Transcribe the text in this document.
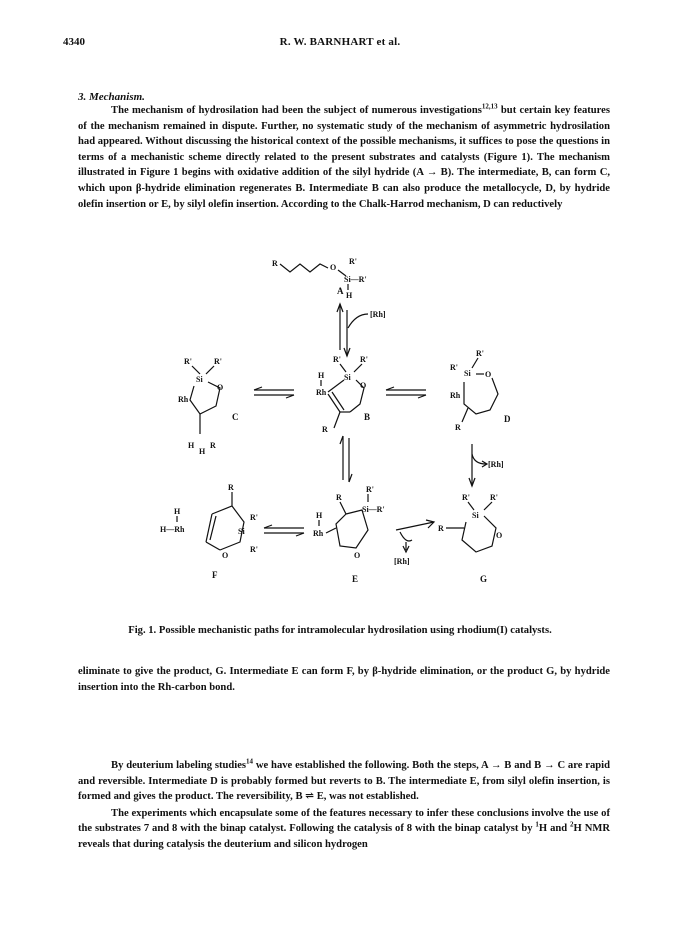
4340	R. W. BARNHART et al.
3. Mechanism.

The mechanism of hydrosilation had been the subject of numerous investigations$^{12,13}$ but certain key features of the mechanism remained in dispute. Further, no systematic study of the mechanism of asymmetric hydrosilation had appeared. Without discussing the historical context of the possible mechanisms, it suffices to pose the questions in terms of a mechanistic scheme directly related to the present substrates and catalysts (Figure 1). The mechanism illustrated in Figure 1 begins with oxidative addition of the silyl hydride (A → B). The intermediate, B, can form C, which upon β-hydride elimination regenerates B. Intermediate B can also produce the metallocycle, D, by hydride olefin insertion or E, by silyl olefin insertion. According to the Chalk-Harrod mechanism, D can reductively

R	O
R'
Si—R'
H
A
[Rh]
R'	R'
Si
O
Rh
H R
H
C
R' R'
Si
H
Rh
O
R
B
R'
R'
Si O
Rh
R
D
[Rh]
R
Si
R'
R'
O
H
H—Rh
F
R
R'
Si—R'
O
H
Rh
E
[Rh]
R'	R'
Si
O
R
G
Fig. 1. Possible mechanistic paths for intramolecular hydrosilation using rhodium(I) catalysts.

eliminate to give the product, G. Intermediate E can form F, by β-hydride elimination, or the product G, by hydride insertion into the Rh-carbon bond.

By deuterium labeling studies$^{14}$ we have established the following. Both the steps, A → B and B → C are rapid and reversible. Intermediate D is probably formed but reverts to B. The intermediate E, from silyl olefin insertion, is formed and gives the product. The reversibility, B ⇌ E, was not established.

The experiments which encapsulate some of the features necessary to infer these conclusions involve the use of the substrates 7 and 8 with the binap catalyst. Following the catalysis of 8 with the binap catalyst by $^1$H and $^2$H NMR reveals that during catalysis the deuterium and silicon hydrogen
